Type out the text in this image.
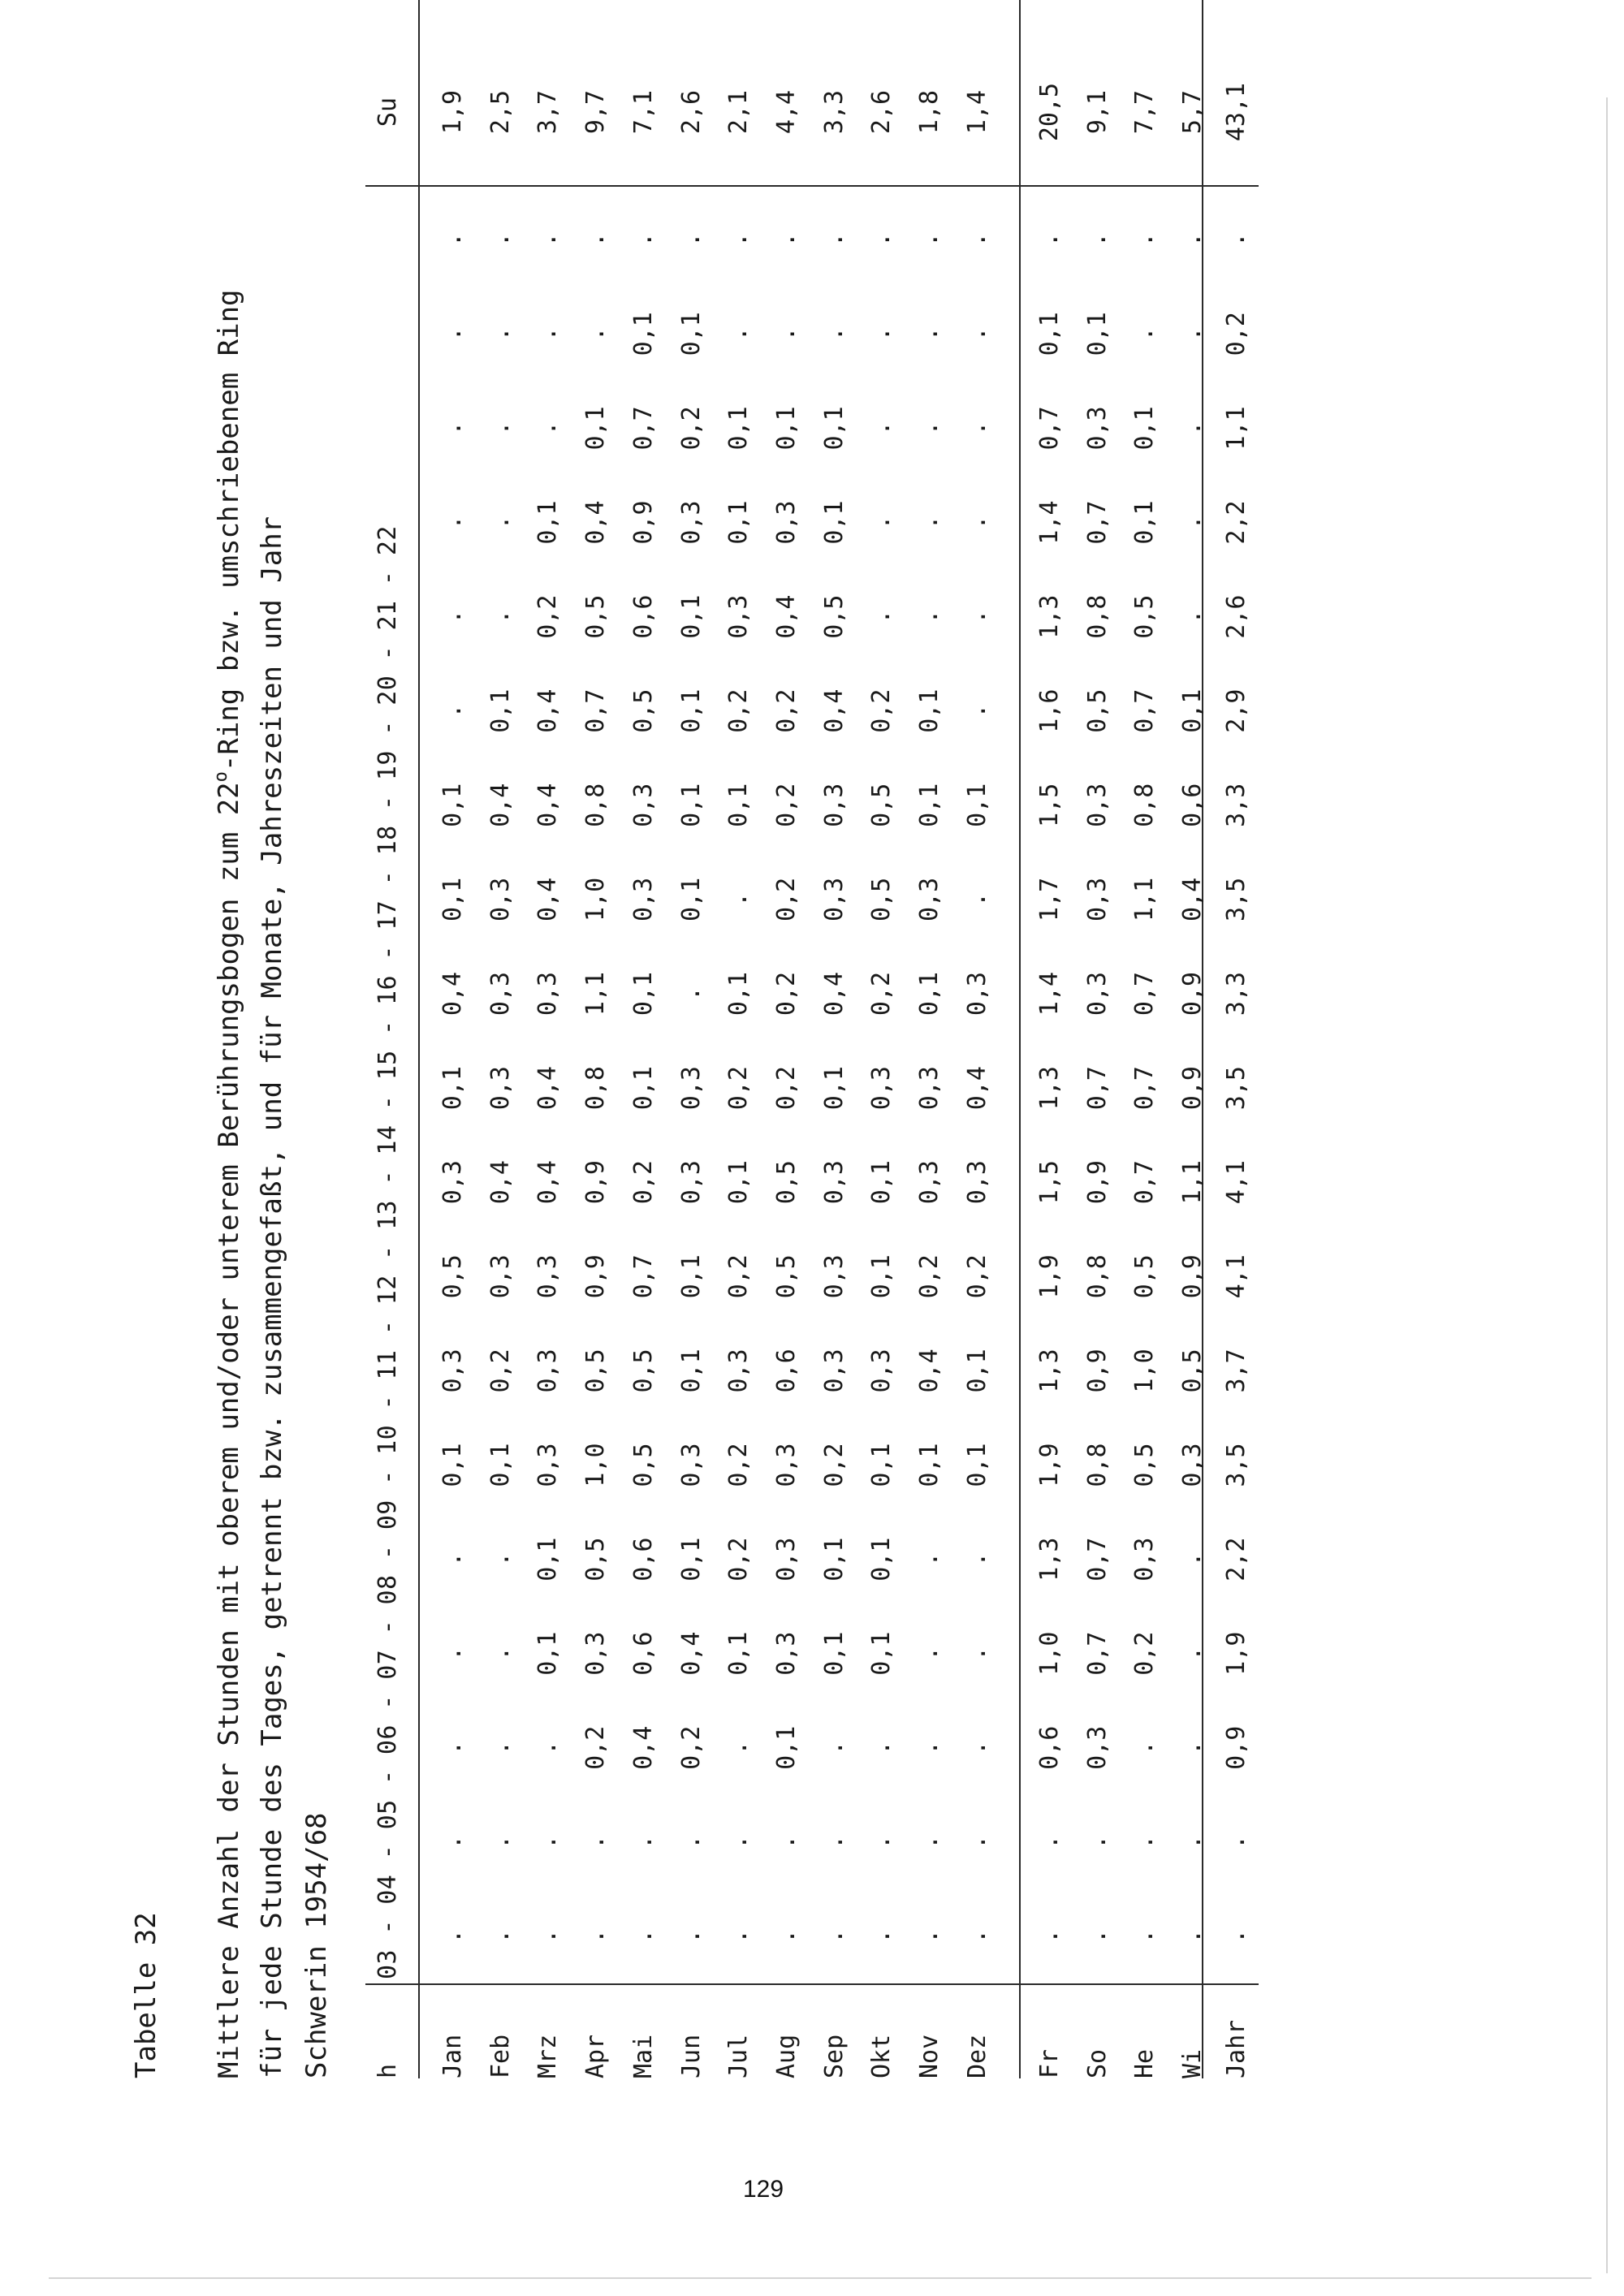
Tabelle 32 Mittlere Anzahl der Stunden mit oberem und/oder unterem Berührungsbogen zum 22$^o$-Ring bzw. umschriebenem Ring für jede Stunde des Tages, getrennt bzw. zusammengefaßt, und für Monate, Jahreszeiten und Jahr Schwerin 1954/68 h
03 - 04 - 05 - 06 - 07 - 08 - 09 - 10 - 11 - 12 - 13 - 14 - 15 - 16 - 17 - 18 - 19 - 20 - 21 - 22
Su
Jan
.
.
.
.
.
0,1
0,3
0,5
0,3
0,1
0,4
0,1
0,1
.
.
.
.
.
.
1,9
Feb
.
.
.
.
.
0,1
0,2
0,3
0,4
0,3
0,3
0,3
0,4
0,1
.
.
.
.
.
2,5
Mrz
.
.
.
0,1
0,1
0,3
0,3
0,3
0,4
0,4
0,3
0,4
0,4
0,4
0,2
0,1
.
.
.
3,7
Apr
.
.
0,2
0,3
0,5
1,0
0,5
0,9
0,9
0,8
1,1
1,0
0,8
0,7
0,5
0,4
0,1
.
.
9,7
Mai
.
.
0,4
0,6
0,6
0,5
0,5
0,7
0,2
0,1
0,1
0,3
0,3
0,5
0,6
0,9
0,7
0,1
.
7,1
Jun
.
.
0,2
0,4
0,1
0,3
0,1
0,1
0,3
0,3
.
0,1
0,1
0,1
0,1
0,3
0,2
0,1
.
2,6
Jul
.
.
.
0,1
0,2
0,2
0,3
0,2
0,1
0,2
0,1
.
0,1
0,2
0,3
0,1
0,1
.
.
2,1
Aug
.
.
0,1
0,3
0,3
0,3
0,6
0,5
0,5
0,2
0,2
0,2
0,2
0,2
0,4
0,3
0,1
.
.
4,4
Sep
.
.
.
0,1
0,1
0,2
0,3
0,3
0,3
0,1
0,4
0,3
0,3
0,4
0,5
0,1
0,1
.
.
3,3
Okt
.
.
.
0,1
0,1
0,1
0,3
0,1
0,1
0,3
0,2
0,5
0,5
0,2
.
.
.
.
.
2,6
Nov
.
.
.
.
.
0,1
0,4
0,2
0,3
0,3
0,1
0,3
0,1
0,1
.
.
.
.
.
1,8
Dez
.
.
.
.
.
0,1
0,1
0,2
0,3
0,4
0,3
.
0,1
.
.
.
.
.
.
1,4
Fr
.
.
0,6
1,0
1,3
1,9
1,3
1,9
1,5
1,3
1,4
1,7
1,5
1,6
1,3
1,4
0,7
0,1
.
20,5
So
.
.
0,3
0,7
0,7
0,8
0,9
0,8
0,9
0,7
0,3
0,3
0,3
0,5
0,8
0,7
0,3
0,1
.
9,1
He
.
.
.
0,2
0,3
0,5
1,0
0,5
0,7
0,7
0,7
1,1
0,8
0,7
0,5
0,1
0,1
.
.
7,7
Wi
.
.
.
.
.
0,3
0,5
0,9
1,1
0,9
0,9
0,4
0,6
0,1
.
.
.
.
.
5,7
Jahr
.
.
0,9
1,9
2,2
3,5
3,7
4,1
4,1
3,5
3,3
3,5
3,3
2,9
2,6
2,2
1,1
0,2
.
43,1
129
